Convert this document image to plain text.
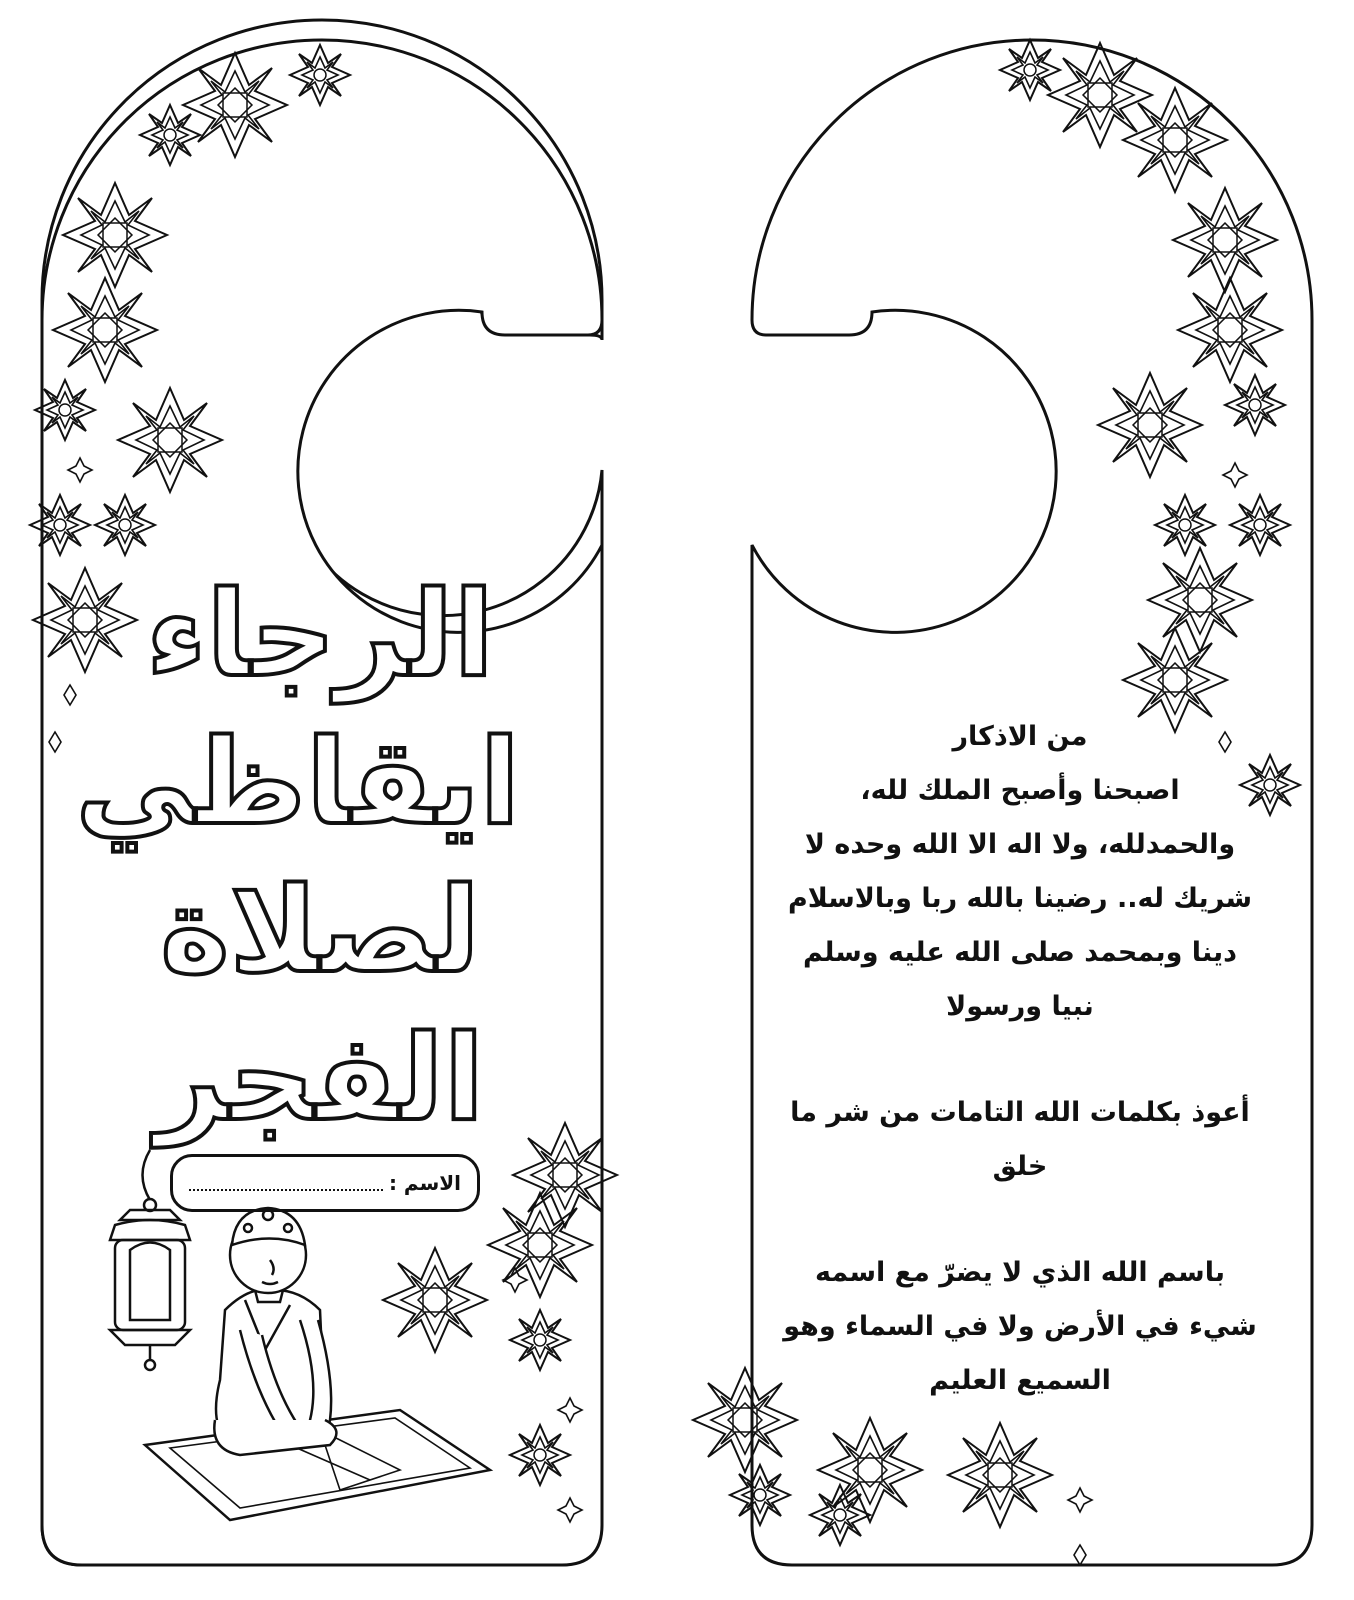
الرجاء
ايقاظي
لصلاة
الفجر
الاسم :
من الاذكار
اصبحنا وأصبح الملك لله،
والحمدلله، ولا اله الا الله وحده لا
شريك له.. رضينا بالله ربا وبالاسلام
دينا وبمحمد صلى الله عليه وسلم
نبيا ورسولا
أعوذ بكلمات الله التامات من شر ما
خلق
باسم الله الذي لا يضرّ مع اسمه
شيء في الأرض ولا في السماء وهو
السميع العليم
